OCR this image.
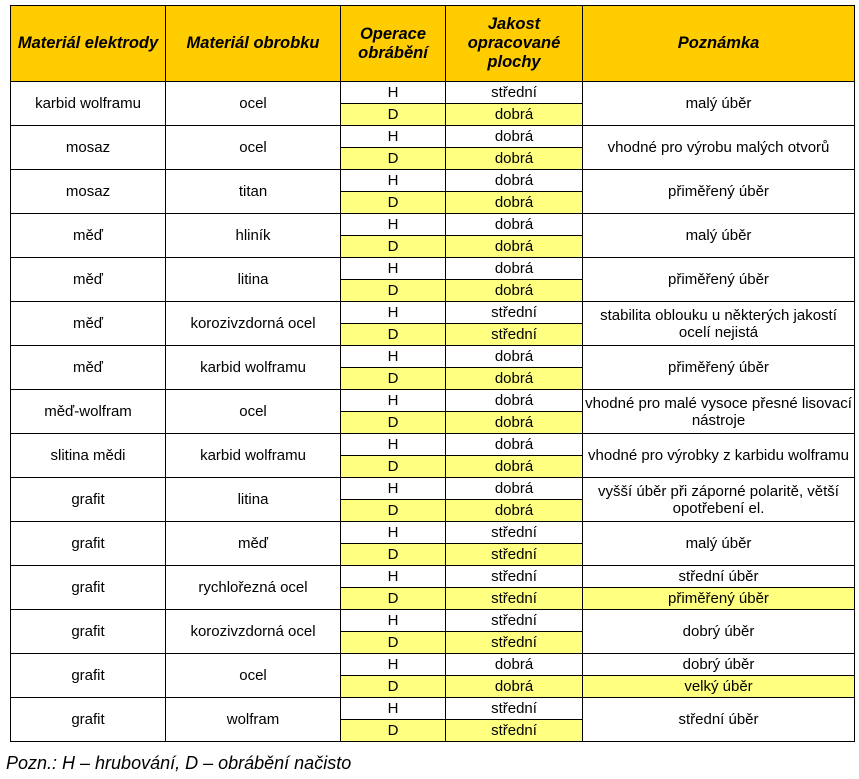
Materiál elektrody	Materiál obrobku	Operace obrábění	Jakost opracované plochy	Poznámka
karbid wolframu	ocel	H	střední	malý úběr
		D	dobrá	
mosaz	ocel	H	dobrá	vhodné pro výrobu malých otvorů
		D	dobrá	
mosaz	titan	H	dobrá	přiměřený úběr
		D	dobrá	
měď	hliník	H	dobrá	malý úběr
		D	dobrá	
měď	litina	H	dobrá	přiměřený úběr
		D	dobrá	
měď	korozivzdorná ocel	H	střední	stabilita oblouku u některých jakostí ocelí nejistá
		D	střední	
měď	karbid wolframu	H	dobrá	přiměřený úběr
		D	dobrá	
měď-wolfram	ocel	H	dobrá	vhodné pro malé vysoce přesné lisovací nástroje
		D	dobrá	
slitina mědi	karbid wolframu	H	dobrá	vhodné pro výrobky z karbidu wolframu
		D	dobrá	
grafit	litina	H	dobrá	vyšší úběr při záporné polaritě, větší opotřebení el.
		D	dobrá	
grafit	měď	H	střední	malý úběr
		D	střední	
grafit	rychlořezná ocel	H	střední	střední úběr
		D	střední	přiměřený úběr
grafit	korozivzdorná ocel	H	střední	dobrý úběr
		D	střední	
grafit	ocel	H	dobrá	dobrý úběr
		D	dobrá	velký úběr
grafit	wolfram	H	střední	střední úběr
		D	střední	
Pozn.: H – hrubování, D – obrábění načisto
